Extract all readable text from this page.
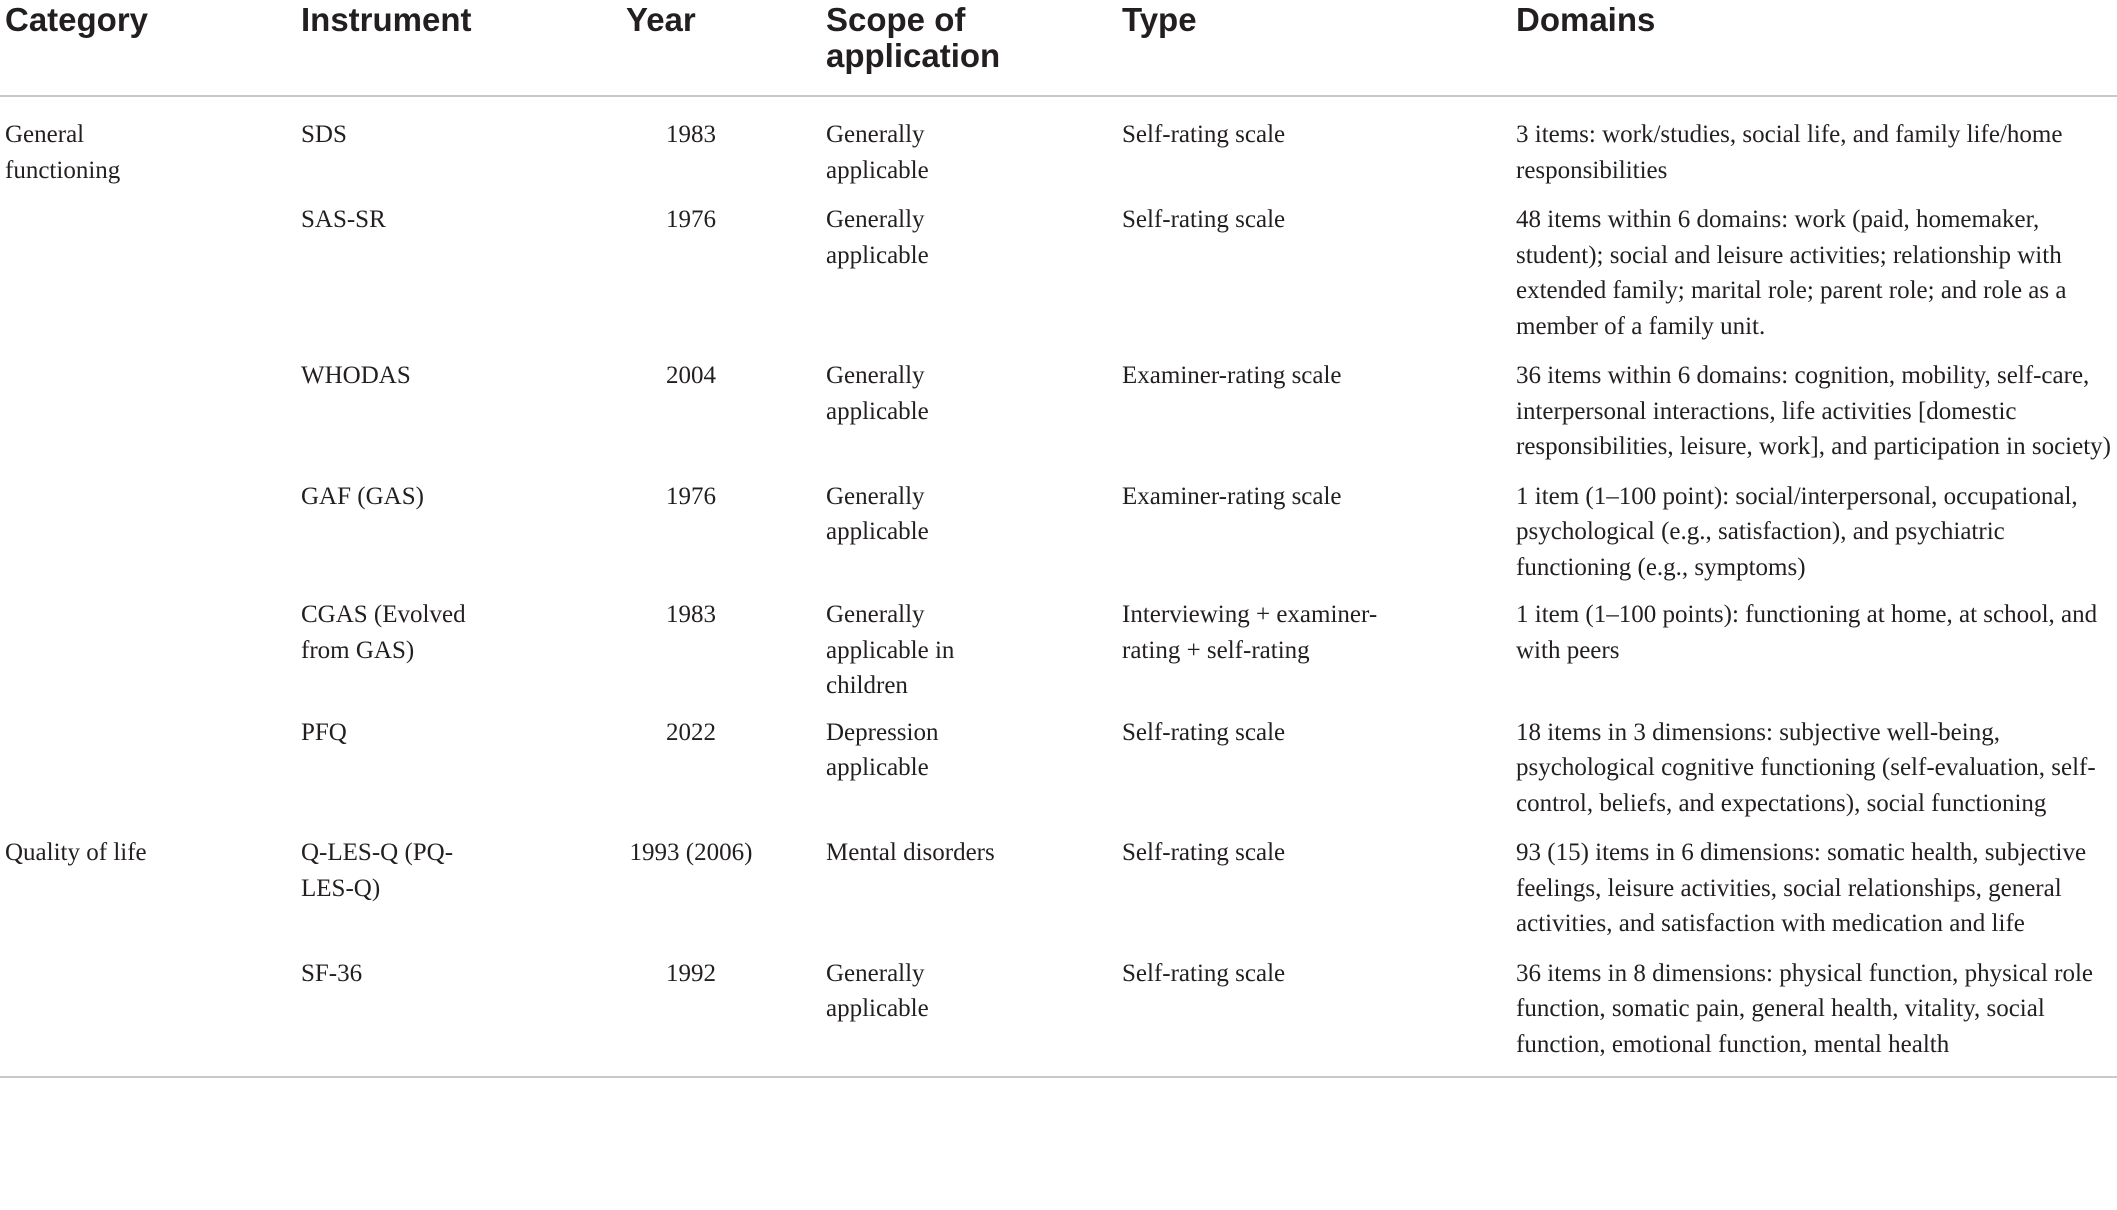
Category	Instrument	Year	Scope of application	Type	Domains
General functioning	SDS	1983	Generally applicable	Self-rating scale	3 items: work/studies, social life, and family life/home responsibilities
	SAS-SR	1976	Generally applicable	Self-rating scale	48 items within 6 domains: work (paid, homemaker, student); social and leisure activities; relationship with extended family; marital role; parent role; and role as a member of a family unit.
	WHODAS	2004	Generally applicable	Examiner-rating scale	36 items within 6 domains: cognition, mobility, self-care, interpersonal interactions, life activities [domestic responsibilities, leisure, work], and participation in society)
	GAF (GAS)	1976	Generally applicable	Examiner-rating scale	1 item (1–100 point): social/interpersonal, occupational, psychological (e.g., satisfaction), and psychiatric functioning (e.g., symptoms)
	CGAS (Evolved from GAS)	1983	Generally applicable in children	Interviewing + examiner-rating + self-rating	1 item (1–100 points): functioning at home, at school, and with peers
	PFQ	2022	Depression applicable	Self-rating scale	18 items in 3 dimensions: subjective well-being, psychological cognitive functioning (self-evaluation, self-control, beliefs, and expectations), social functioning
Quality of life	Q-LES-Q (PQ-LES-Q)	1993 (2006)	Mental disorders	Self-rating scale	93 (15) items in 6 dimensions: somatic health, subjective feelings, leisure activities, social relationships, general activities, and satisfaction with medication and life
	SF-36	1992	Generally applicable	Self-rating scale	36 items in 8 dimensions: physical function, physical role function, somatic pain, general health, vitality, social function, emotional function, mental health
